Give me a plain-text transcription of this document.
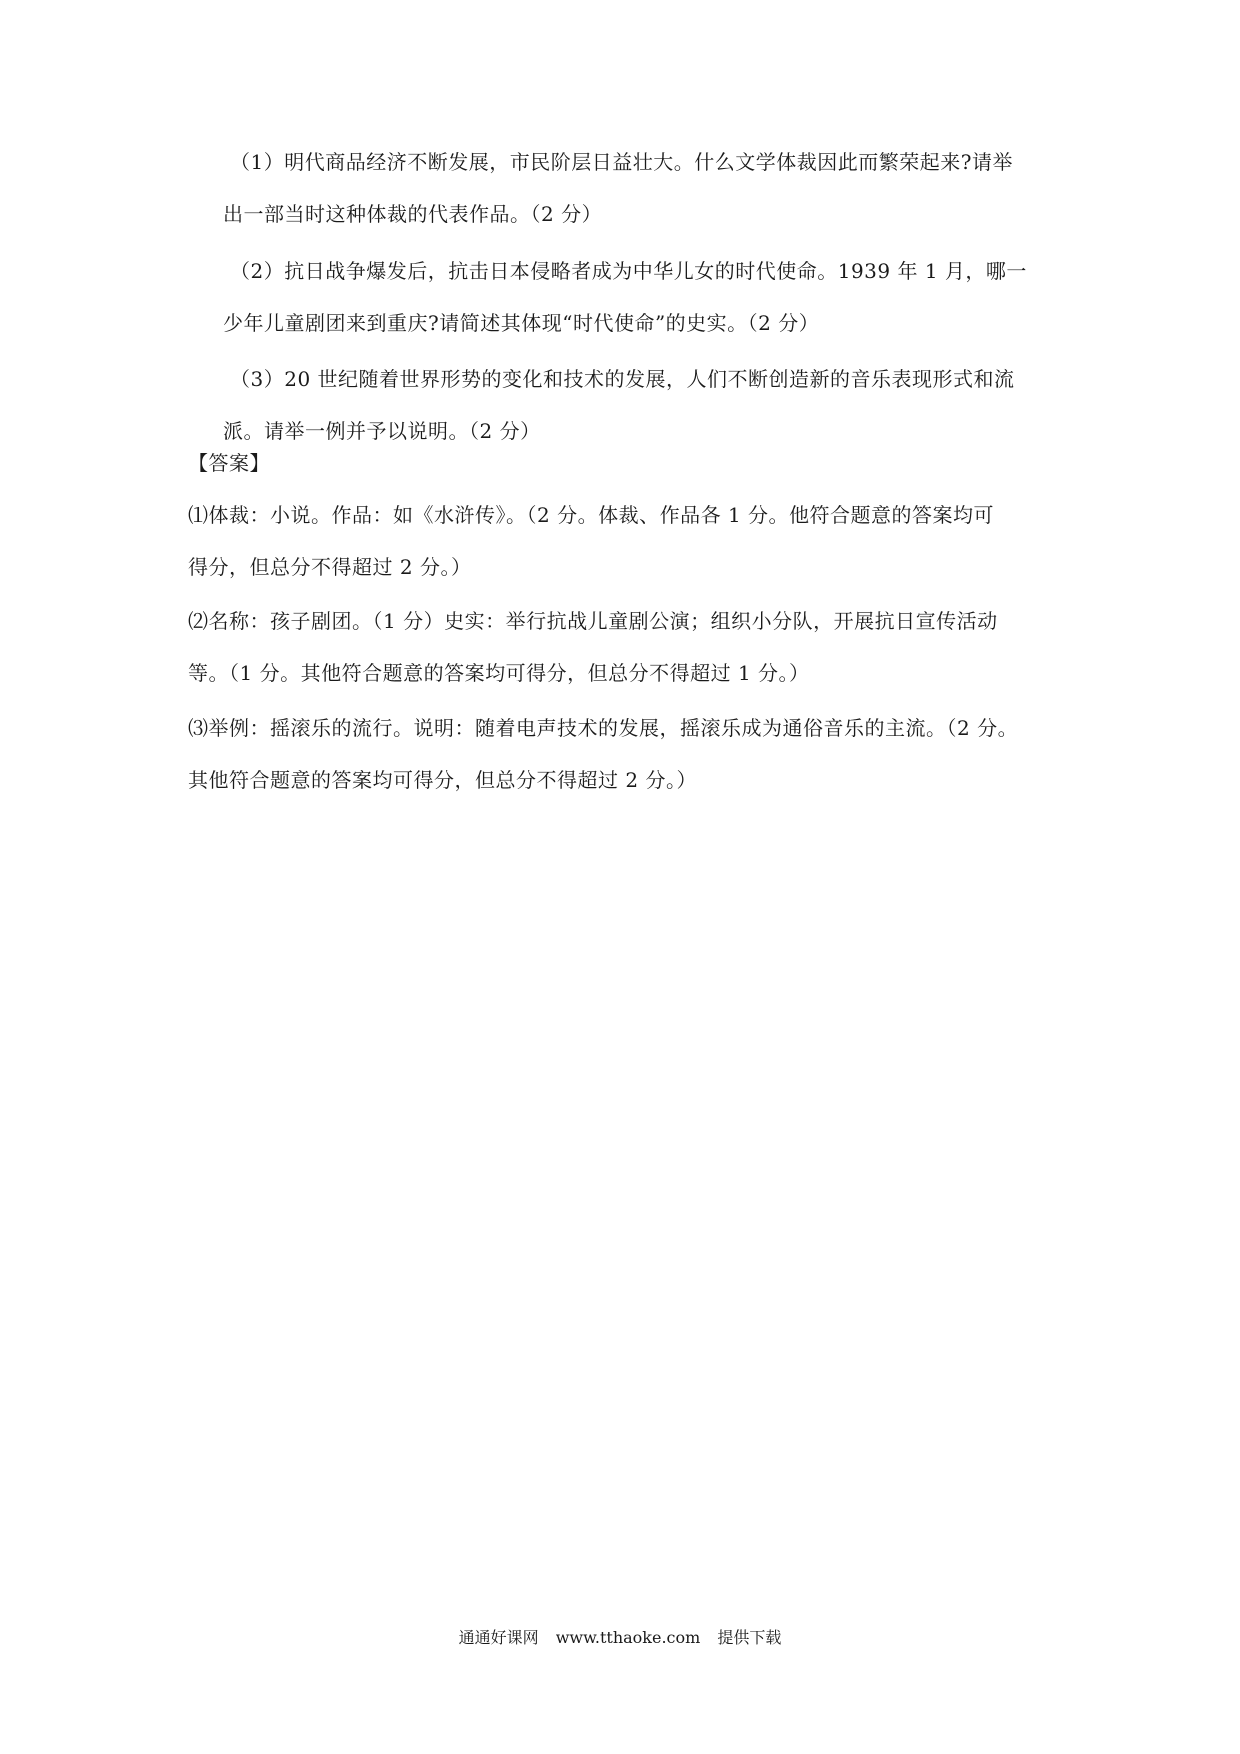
（1）明代商品经济不断发展，市民阶层日益壮大。什么文学体裁因此而繁荣起来?请举
出一部当时这种体裁的代表作品。（2 分）
（2）抗日战争爆发后，抗击日本侵略者成为中华儿女的时代使命。1939 年 1 月，哪一
少年儿童剧团来到重庆?请简述其体现“时代使命”的史实。（2 分）
（3）20 世纪随着世界形势的变化和技术的发展，人们不断创造新的音乐表现形式和流
派。请举一例并予以说明。（2 分）
【答案】
⑴体裁：小说。作品：如《水浒传》。（2 分。体裁、作品各 1 分。他符合题意的答案均可
得分，但总分不得超过 2 分。）
⑵名称：孩子剧团。（1 分）史实：举行抗战儿童剧公演；组织小分队，开展抗日宣传活动
等。（1 分。其他符合题意的答案均可得分，但总分不得超过 1 分。）
⑶举例：摇滚乐的流行。说明：随着电声技术的发展，摇滚乐成为通俗音乐的主流。（2 分。
其他符合题意的答案均可得分，但总分不得超过 2 分。）
通通好课网 www.tthaoke.com 提供下载
